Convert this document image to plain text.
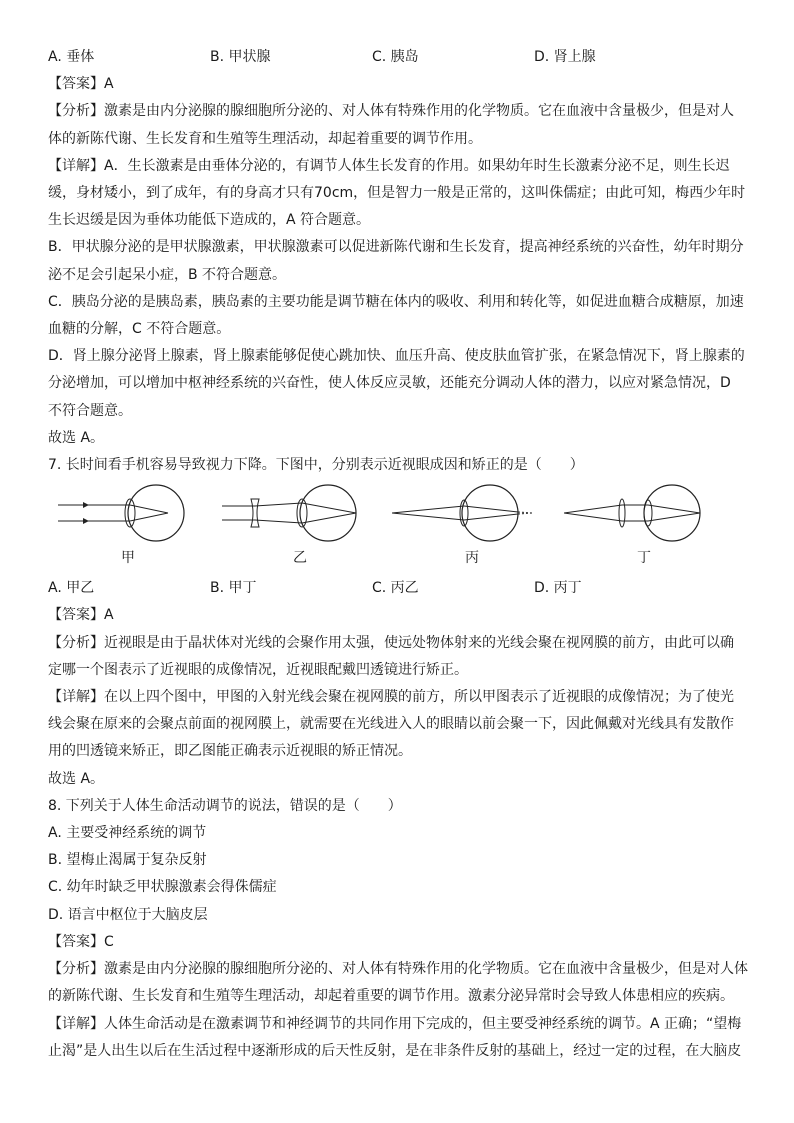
A. 垂体	B. 甲状腺	C. 胰岛	D. 肾上腺
【答案】A
【分析】激素是由内分泌腺的腺细胞所分泌的、对人体有特殊作用的化学物质。它在血液中含量极少，但是对人
体的新陈代谢、生长发育和生殖等生理活动，却起着重要的调节作用。
【详解】A．生长激素是由垂体分泌的，有调节人体生长发育的作用。如果幼年时生长激素分泌不足，则生长迟
缓，身材矮小，到了成年，有的身高才只有70cm，但是智力一般是正常的，这叫侏儒症；由此可知，梅西少年时
生长迟缓是因为垂体功能低下造成的，A 符合题意。
B．甲状腺分泌的是甲状腺激素，甲状腺激素可以促进新陈代谢和生长发育，提高神经系统的兴奋性，幼年时期分
泌不足会引起呆小症，B 不符合题意。
C．胰岛分泌的是胰岛素，胰岛素的主要功能是调节糖在体内的吸收、利用和转化等，如促进血糖合成糖原，加速
血糖的分解，C 不符合题意。
D．肾上腺分泌肾上腺素，肾上腺素能够促使心跳加快、血压升高、使皮肤血管扩张，在紧急情况下，肾上腺素的
分泌增加，可以增加中枢神经系统的兴奋性，使人体反应灵敏，还能充分调动人体的潜力，以应对紧急情况，D
不符合题意。
故选 A。
7. 长时间看手机容易导致视力下降。下图中，分别表示近视眼成因和矫正的是（　　）
甲	乙	丙	丁
A. 甲乙	B. 甲丁	C. 丙乙	D. 丙丁
【答案】A
【分析】近视眼是由于晶状体对光线的会聚作用太强，使远处物体射来的光线会聚在视网膜的前方，由此可以确
定哪一个图表示了近视眼的成像情况，近视眼配戴凹透镜进行矫正。
【详解】在以上四个图中，甲图的入射光线会聚在视网膜的前方，所以甲图表示了近视眼的成像情况；为了使光
线会聚在原来的会聚点前面的视网膜上，就需要在光线进入人的眼睛以前会聚一下，因此佩戴对光线具有发散作
用的凹透镜来矫正，即乙图能正确表示近视眼的矫正情况。
故选 A。
8. 下列关于人体生命活动调节的说法，错误的是（　　）
A. 主要受神经系统的调节
B. 望梅止渴属于复杂反射
C. 幼年时缺乏甲状腺激素会得侏儒症
D. 语言中枢位于大脑皮层
【答案】C
【分析】激素是由内分泌腺的腺细胞所分泌的、对人体有特殊作用的化学物质。它在血液中含量极少，但是对人体
的新陈代谢、生长发育和生殖等生理活动，却起着重要的调节作用。激素分泌异常时会导致人体患相应的疾病。
【详解】人体生命活动是在激素调节和神经调节的共同作用下完成的，但主要受神经系统的调节。A 正确；“望梅
止渴”是人出生以后在生活过程中逐渐形成的后天性反射，是在非条件反射的基础上，经过一定的过程，在大脑皮
